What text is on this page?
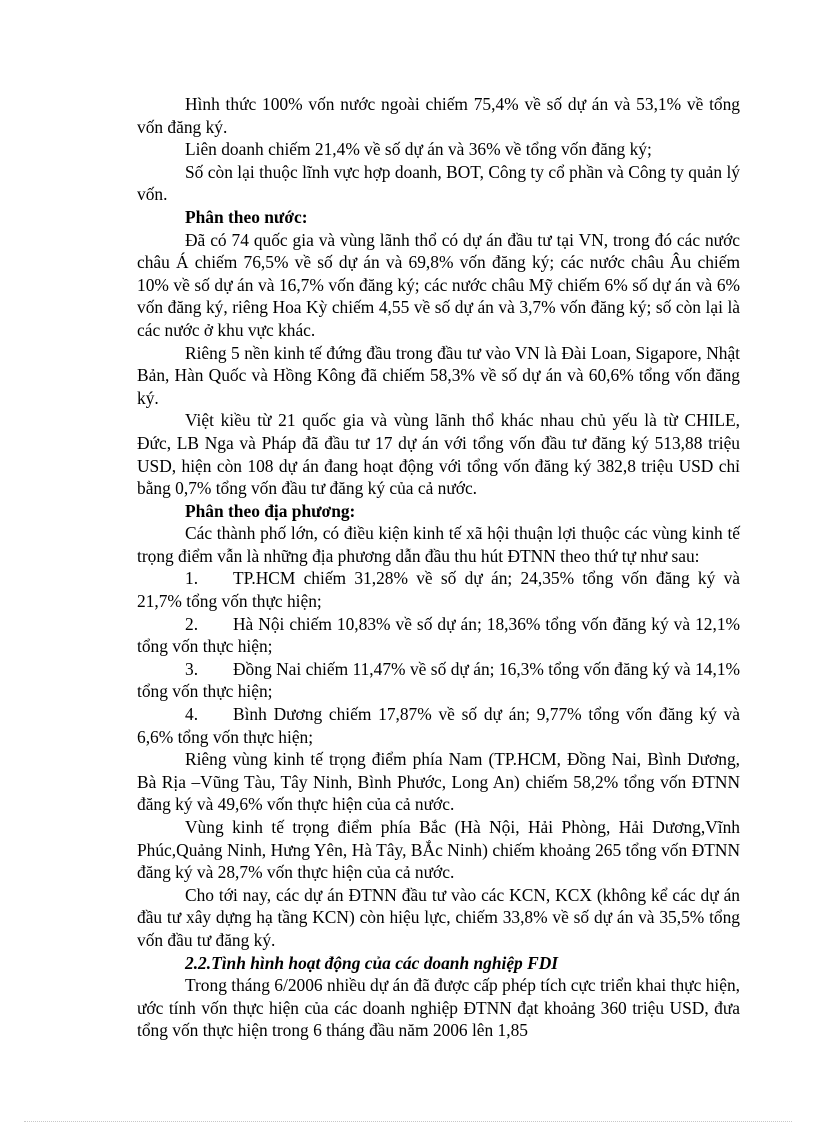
Hình thức 100% vốn nước ngoài chiếm 75,4% về số dự án và 53,1% về tổng vốn đăng ký.

Liên doanh chiếm 21,4% về số dự án và 36% về tổng vốn đăng ký;

Số còn lại thuộc lĩnh vực hợp doanh, BOT, Công ty cổ phần và Công ty quản lý vốn.

Phân theo nước:

Đã có 74 quốc gia và vùng lãnh thổ có dự án đầu tư tại VN, trong đó các nước châu Á chiếm 76,5% về số dự án và 69,8% vốn đăng ký; các nước châu Âu chiếm 10% về số dự án và 16,7% vốn đăng ký; các nước châu Mỹ chiếm 6% số dự án và 6% vốn đăng ký, riêng Hoa Kỳ chiếm 4,55 về số dự án và 3,7% vốn đăng ký; số còn lại là các nước ở khu vực khác.

Riêng 5 nền kinh tế đứng đầu trong đầu tư vào VN là Đài Loan, Sigapore, Nhật Bản, Hàn Quốc và Hồng Kông đã chiếm 58,3% về số dự án và 60,6% tổng vốn đăng ký.

Việt kiều từ 21 quốc gia và vùng lãnh thổ khác nhau chủ yếu là từ CHILE, Đức, LB Nga và Pháp đã đầu tư 17 dự án với tổng vốn đầu tư đăng ký 513,88 triệu USD, hiện còn 108 dự án đang hoạt động với tổng vốn đăng ký 382,8 triệu USD chỉ bằng 0,7% tổng vốn đầu tư đăng ký của cả nước.

Phân theo địa phương:

Các thành phố lớn, có điều kiện kinh tế xã hội thuận lợi thuộc các vùng kinh tế trọng điểm vẫn là những địa phương dẫn đầu thu hút ĐTNN theo thứ tự như sau:

1. TP.HCM chiếm 31,28% về số dự án; 24,35% tổng vốn đăng ký và 21,7% tổng vốn thực hiện;

2. Hà Nội chiếm 10,83% về số dự án; 18,36% tổng vốn đăng ký và 12,1% tổng vốn thực hiện;

3. Đồng Nai chiếm 11,47% về số dự án; 16,3% tổng vốn đăng ký và 14,1% tổng vốn thực hiện;

4. Bình Dương chiếm 17,87% về số dự án; 9,77% tổng vốn đăng ký và 6,6% tổng vốn thực hiện;

Riêng vùng kinh tế trọng điểm phía Nam (TP.HCM, Đồng Nai, Bình Dương, Bà Rịa –Vũng Tàu, Tây Ninh, Bình Phước, Long An) chiếm 58,2% tổng vốn ĐTNN đăng ký và 49,6% vốn thực hiện của cả nước.

Vùng kinh tế trọng điểm phía Bắc (Hà Nội, Hải Phòng, Hải Dương,Vĩnh Phúc,Quảng Ninh, Hưng Yên, Hà Tây, BẮc Ninh) chiếm khoảng 265 tổng vốn ĐTNN đăng ký và 28,7% vốn thực hiện của cả nước.

Cho tới nay, các dự án ĐTNN đầu tư vào các KCN, KCX (không kể các dự án đầu tư xây dựng hạ tầng KCN) còn hiệu lực, chiếm 33,8% về số dự án và 35,5% tổng vốn đầu tư đăng ký.

2.2.Tình hình hoạt động của các doanh nghiệp FDI

Trong tháng 6/2006 nhiều dự án đã được cấp phép tích cực triển khai thực hiện, ước tính vốn thực hiện của các doanh nghiệp ĐTNN đạt khoảng 360 triệu USD, đưa tổng vốn thực hiện trong 6 tháng đầu năm 2006 lên 1,85
